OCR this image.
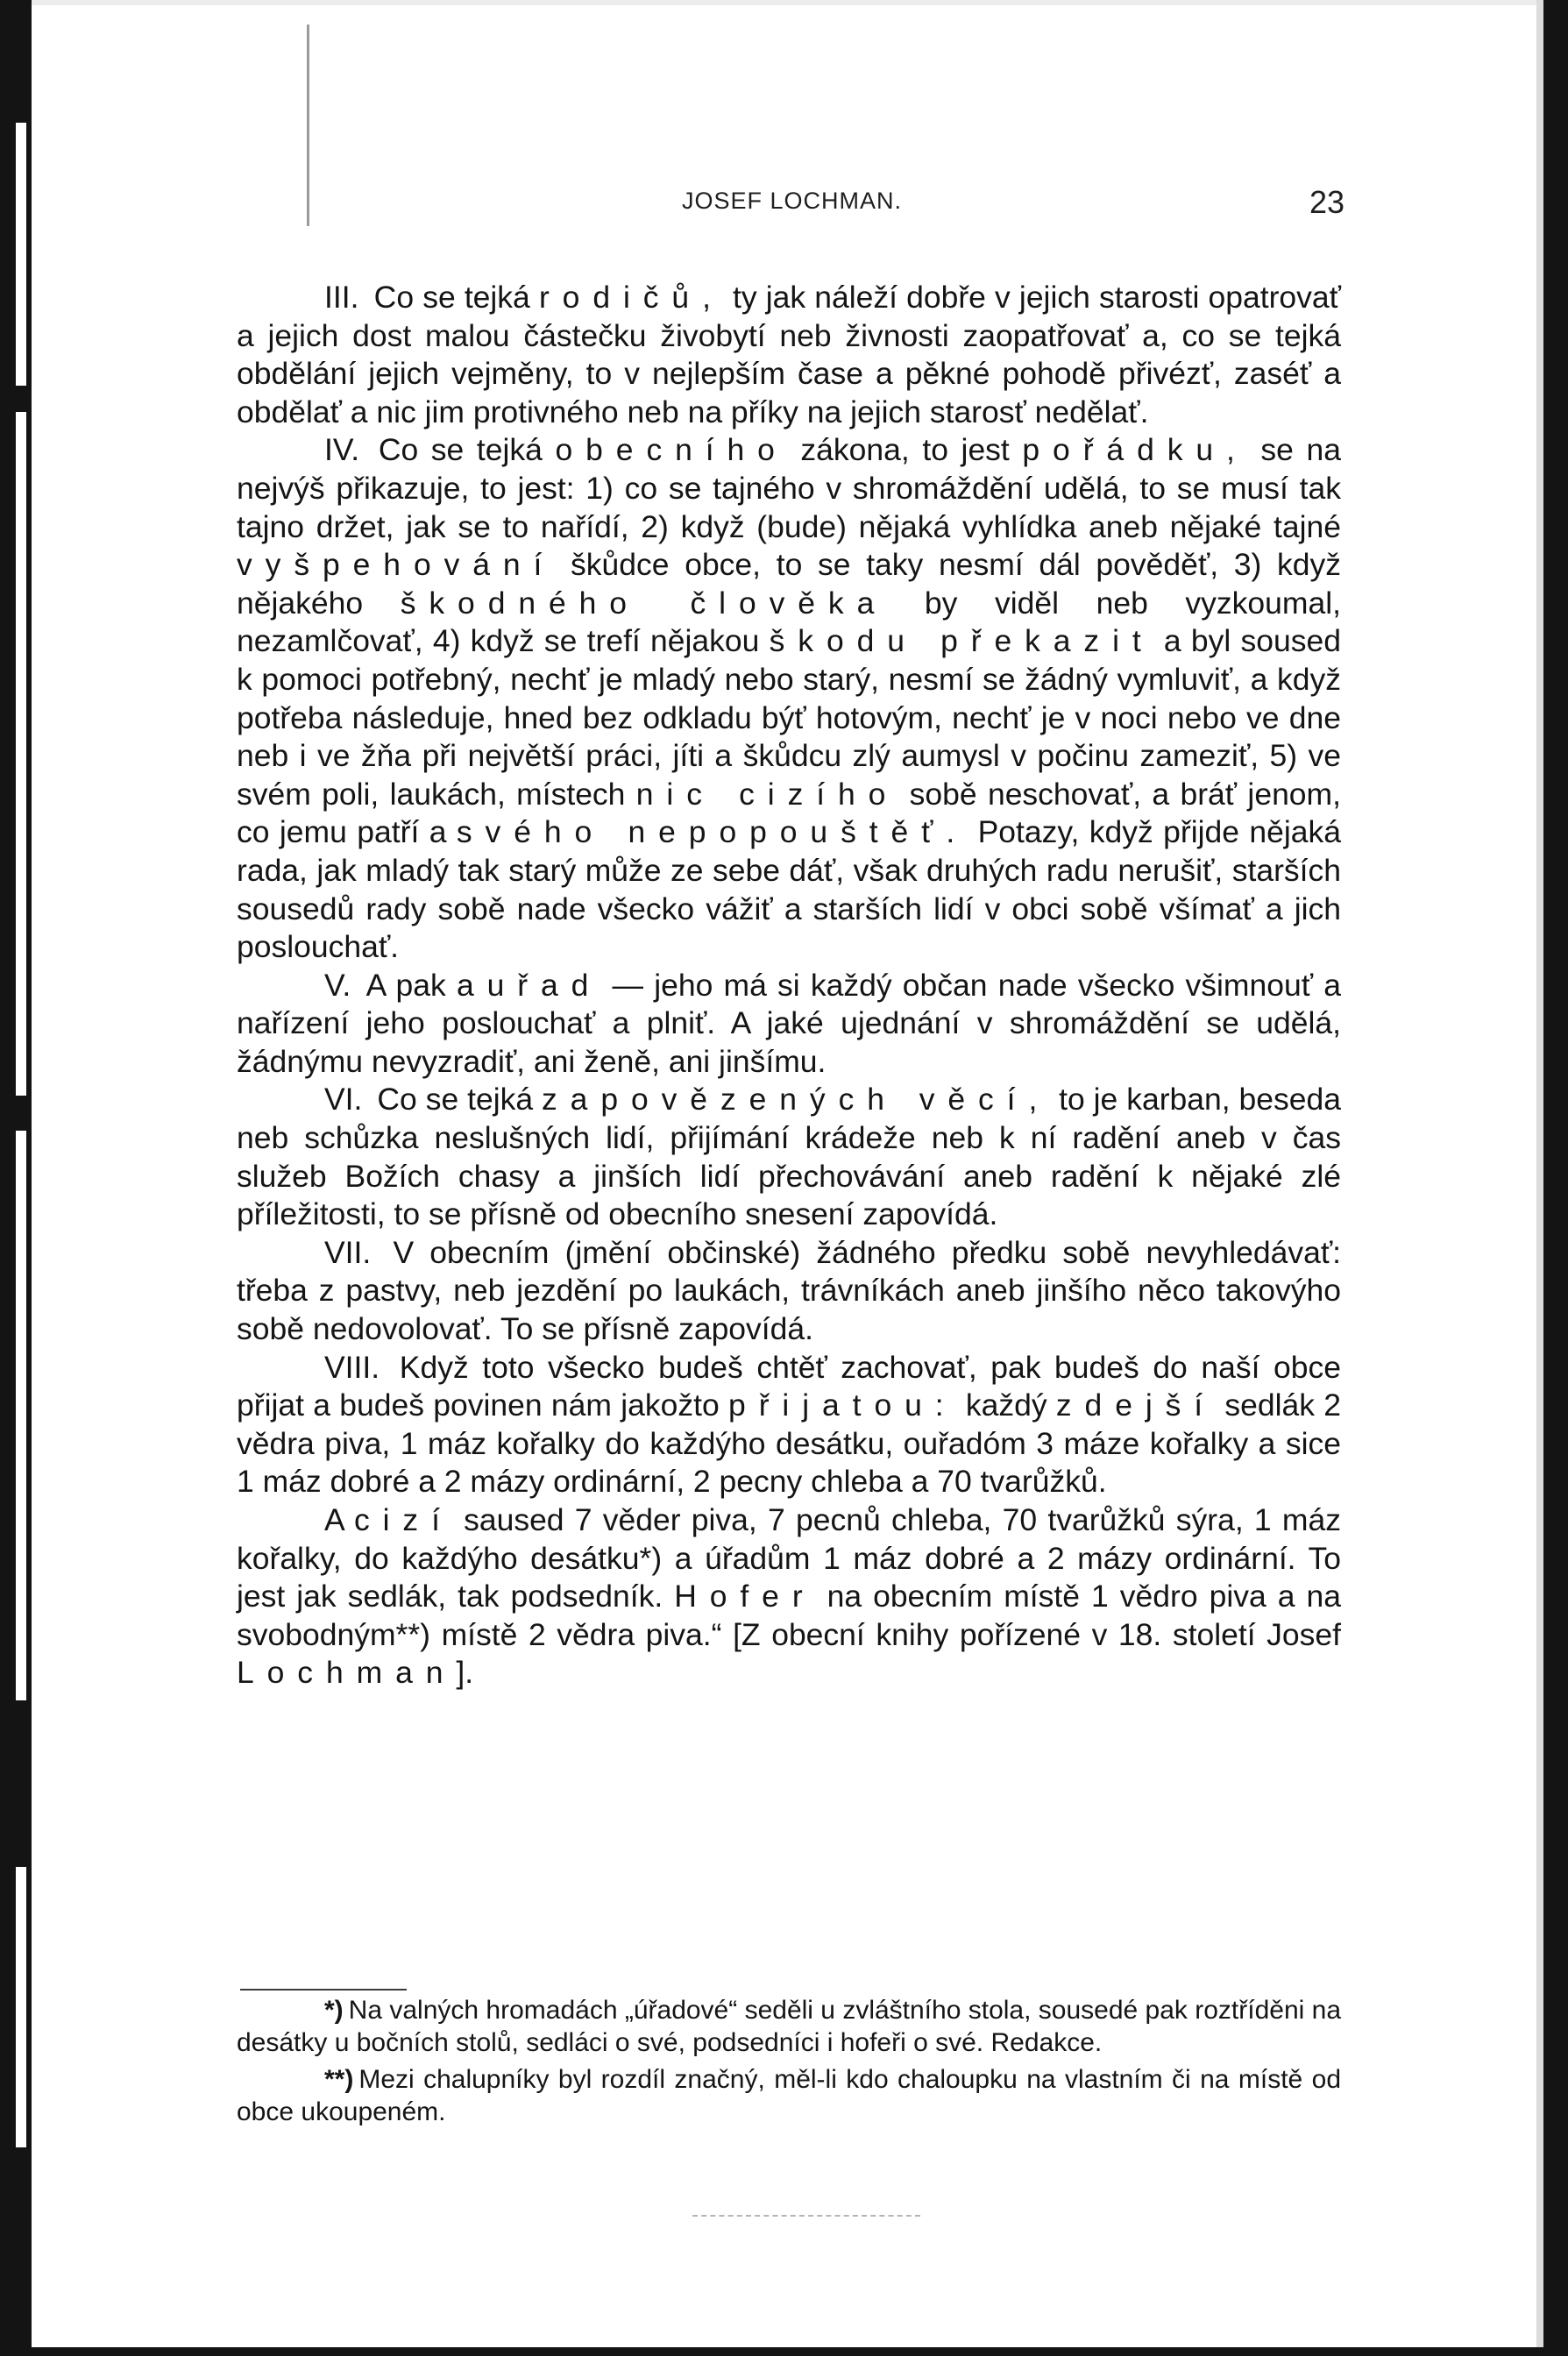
JOSEF LOCHMAN.	23

III. Co se tejká rodičů, ty jak náleží dobře v jejich starosti opatrovať a jejich dost malou částečku živobytí neb živnosti zaopatřovať a, co se tejká obdělání jejich vejměny, to v nejlepším čase a pěkné pohodě přivézť, zaséť a obdělať a nic jim protivného neb na příky na jejich starosť nedělať.

IV. Co se tejká obecního zákona, to jest pořádku, se na nejvýš přikazuje, to jest: 1) co se tajného v shromáždění udělá, to se musí tak tajno držet, jak se to nařídí, 2) když (bude) nějaká vyhlídka aneb nějaké tajné vyšpehování škůdce obce, to se taky nesmí dál pověděť, 3) když nějakého škodného člověka by viděl neb vyzkoumal, nezamlčovať, 4) když se trefí nějakou škodu překazit a byl soused k pomoci potřebný, nechť je mladý nebo starý, nesmí se žádný vymluviť, a když potřeba následuje, hned bez odkladu býť hotovým, nechť je v noci nebo ve dne neb i ve žňa při největší práci, jíti a škůdcu zlý aumysl v počinu zameziť, 5) ve svém poli, laukách, místech nic cizího sobě neschovať, a bráť jenom, co jemu patří a svého nepopouštěť. Potazy, když přijde nějaká rada, jak mladý tak starý může ze sebe dáť, však druhých radu nerušiť, starších sousedů rady sobě nade všecko vážiť a starších lidí v obci sobě všímať a jich poslouchať.

V. A pak auřad — jeho má si každý občan nade všecko všimnouť a nařízení jeho poslouchať a plniť. A jaké ujednání v shromáždění se udělá, žádnýmu nevyzradiť, ani ženě, ani jinšímu.

VI. Co se tejká zapovězených věcí, to je karban, beseda neb schůzka neslušných lidí, přijímání krádeže neb k ní radění aneb v čas služeb Božích chasy a jinších lidí přechovávání aneb radění k nějaké zlé příležitosti, to se přísně od obecního snesení zapovídá.

VII. V obecním (jmění občinské) žádného předku sobě nevyhledávať: třeba z pastvy, neb jezdění po laukách, trávníkách aneb jinšího něco takovýho sobě nedovolovať. To se přísně zapovídá.

VIII. Když toto všecko budeš chtěť zachovať, pak budeš do naší obce přijat a budeš povinen nám jakožto přijatou: každý zdejší sedlák 2 vědra piva, 1 máz kořalky do každýho desátku, ouřadóm 3 máze kořalky a sice 1 máz dobré a 2 mázy ordinární, 2 pecny chleba a 70 tvarůžků.

A cizí saused 7 věder piva, 7 pecnů chleba, 70 tvarůžků sýra, 1 máz kořalky, do každýho desátku*) a úřadům 1 máz dobré a 2 mázy ordinární. To jest jak sedlák, tak podsedník. Hofer na obecním místě 1 vědro piva a na svobodným**) místě 2 vědra piva.“ [Z obecní knihy pořízené v 18. století Josef Lochman].

*) Na valných hromadách „úřadové“ seděli u zvláštního stola, sousedé pak roztříděni na desátky u bočních stolů, sedláci o své, podsedníci i hofeři o své. Redakce.

**) Mezi chalupníky byl rozdíl značný, měl-li kdo chaloupku na vlastním či na místě od obce ukoupeném.
